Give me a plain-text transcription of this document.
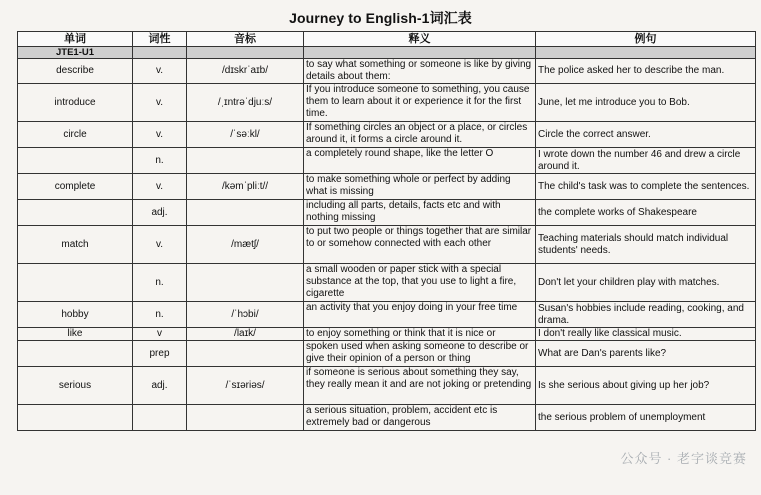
Journey to English-1词汇表
单词	词性	音标	释义	例句
JTE1-U1				
describe	v.	/dɪskrˈaɪb/	to say what something or someone is like by giving details about them:	The police asked her to describe the man.
introduce	v.	/ˌɪntrəˈdjuːs/	If you introduce someone to something, you cause them to learn about it or experience it for the first time.	June, let me introduce you to Bob.
circle	v.	/ˈsəːkl/	If something circles an object or a place, or circles around it, it forms a circle around it.	Circle the correct answer.
	n.		a completely round shape, like the letter O	I wrote down the number 46 and drew a circle around it.
complete	v.	/kəmˈpliːt//	to make something whole or perfect by adding what is missing	The child's task was to complete the sentences.
	adj.		including all parts, details, facts etc and with nothing missing	the complete works of Shakespeare
match	v.	/mætʃ/	to put two people or things together that are similar to or somehow connected with each other	Teaching materials should match individual students' needs.
	n.		a small wooden or paper stick with a special substance at the top, that you use to light a fire, cigarette	Don't let your children play with matches.
hobby	n.	/ˈhɔbi/	an activity that you enjoy doing in your free time	Susan's hobbies include reading, cooking, and drama.
like	v	/laɪk/	to enjoy something or think that it is nice or	I don't really like classical music.
	prep		spoken used when asking someone to describe or give their opinion of a person or thing	What are Dan's parents like?
serious	adj.	/ˈsɪəriəs/	if someone is serious about something they say, they really mean it and are not joking or pretending	Is she serious about giving up her job?
			a serious situation, problem, accident etc is extremely bad or dangerous	the serious problem of unemployment
公众号 · 老字谈竞赛
